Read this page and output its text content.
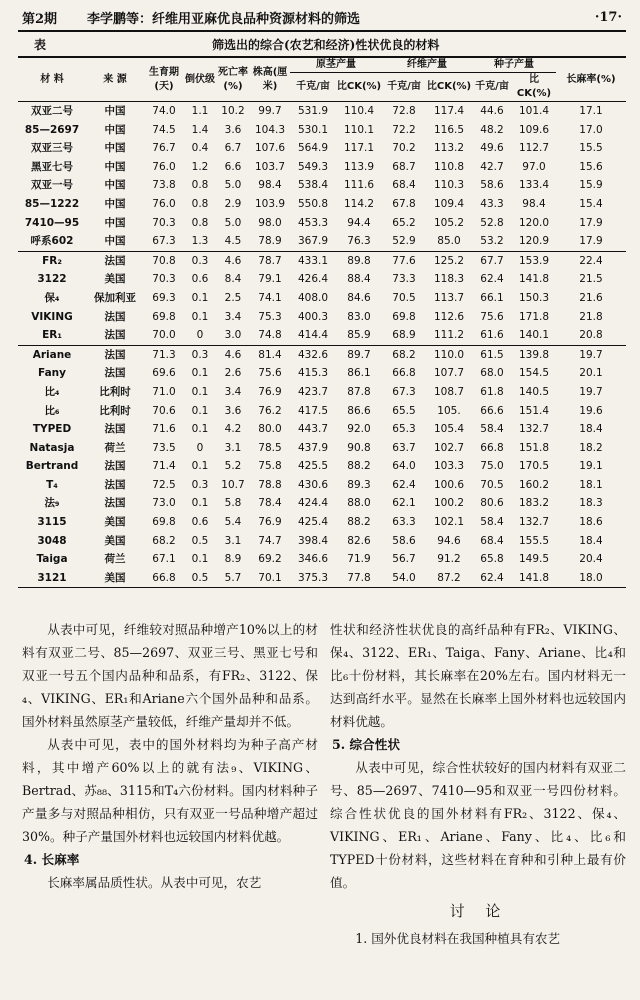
第2期 李学鹏等：纤维用亚麻优良品种资源材料的筛选	·17·
表	筛选出的综合(农艺和经济)性状优良的材料
材 料	来 源	生育期(天)	倒伏级	死亡率(%)	株高(厘米)	原茎产量		纤维产量		种子产量		长麻率(%)
						千克/亩	比CK(%)	千克/亩	比CK(%)	千克/亩	比CK(%)	
双亚二号	中国	74.0	1.1	10.2	99.7	531.9	110.4	72.8	117.4	44.6	101.4	17.1
85—2697	中国	74.5	1.4	3.6	104.3	530.1	110.1	72.2	116.5	48.2	109.6	17.0
双亚三号	中国	76.7	0.4	6.7	107.6	564.9	117.1	70.2	113.2	49.6	112.7	15.5
黑亚七号	中国	76.0	1.2	6.6	103.7	549.3	113.9	68.7	110.8	42.7	97.0	15.6
双亚一号	中国	73.8	0.8	5.0	98.4	538.4	111.6	68.4	110.3	58.6	133.4	15.9
85—1222	中国	76.0	0.8	2.9	103.9	550.8	114.2	67.8	109.4	43.3	98.4	15.4
7410—95	中国	70.3	0.8	5.0	98.0	453.3	94.4	65.2	105.2	52.8	120.0	17.9
呼系602	中国	67.3	1.3	4.5	78.9	367.9	76.3	52.9	85.0	53.2	120.9	17.9
FR₂	法国	70.8	0.3	4.6	78.7	433.1	89.8	77.6	125.2	67.7	153.9	22.4
3122	美国	70.3	0.6	8.4	79.1	426.4	88.4	73.3	118.3	62.4	141.8	21.5
保₄	保加利亚	69.3	0.1	2.5	74.1	408.0	84.6	70.5	113.7	66.1	150.3	21.6
VIKING	法国	69.8	0.1	3.4	75.3	400.3	83.0	69.8	112.6	75.6	171.8	21.8
ER₁	法国	70.0	0	3.0	74.8	414.4	85.9	68.9	111.2	61.6	140.1	20.8
Ariane	法国	71.3	0.3	4.6	81.4	432.6	89.7	68.2	110.0	61.5	139.8	19.7
Fany	法国	69.6	0.1	2.6	75.6	415.3	86.1	66.8	107.7	68.0	154.5	20.1
比₄	比利时	71.0	0.1	3.4	76.9	423.7	87.8	67.3	108.7	61.8	140.5	19.7
比₆	比利时	70.6	0.1	3.6	76.2	417.5	86.6	65.5	105.	66.6	151.4	19.6
TYPED	法国	71.6	0.1	4.2	80.0	443.7	92.0	65.3	105.4	58.4	132.7	18.4
Natasja	荷兰	73.5	0	3.1	78.5	437.9	90.8	63.7	102.7	66.8	151.8	18.2
Bertrand	法国	71.4	0.1	5.2	75.8	425.5	88.2	64.0	103.3	75.0	170.5	19.1
T₄	法国	72.5	0.3	10.7	78.8	430.6	89.3	62.4	100.6	70.5	160.2	18.1
法₉	法国	73.0	0.1	5.8	78.4	424.4	88.0	62.1	100.2	80.6	183.2	18.3
3115	美国	69.8	0.6	5.4	76.9	425.4	88.2	63.3	102.1	58.4	132.7	18.6
3048	美国	68.2	0.5	3.1	74.7	398.4	82.6	58.6	94.6	68.4	155.5	18.4
Taiga	荷兰	67.1	0.1	8.9	69.2	346.6	71.9	56.7	91.2	65.8	149.5	20.4
3121	美国	66.8	0.5	5.7	70.1	375.3	77.8	54.0	87.2	62.4	141.8	18.0

从表中可见，纤维较对照品种增产10%以上的材料有双亚二号、85—2697、双亚三号、黑亚七号和双亚一号五个国内品种和品系，有FR₂、3122、保₄、VIKING、ER₁和Ariane六个国外品种和品系。国外材料虽然原茎产量较低，纤维产量却并不低。

从表中可见，表中的国外材料均为种子高产材料，其中增产60%以上的就有法₉、VIKING、Bertrad、苏₈₈、3115和T₄六份材料。国内材料种子产量多与对照品种相仿，只有双亚一号品种增产超过30%。种子产量国外材料也远较国内材料优越。

4. 长麻率

长麻率属品质性状。从表中可见，农艺

性状和经济性状优良的高纤品种有FR₂、VIKING、保₄、3122、ER₁、Taiga、Fany、Ariane、比₄和比₆十份材料，其长麻率在20%左右。国内材料无一达到高纤水平。显然在长麻率上国外材料也远较国内材料优越。

5. 综合性状

从表中可见，综合性状较好的国内材料有双亚二号、85—2697、7410—95和双亚一号四份材料。综合性状优良的国外材料有FR₂、3122、保₄、VIKING、ER₁、Ariane、Fany、比₄、比₆和TYPED十份材料，这些材料在育种和引种上最有价值。

讨 论

1. 国外优良材料在我国种植具有农艺
